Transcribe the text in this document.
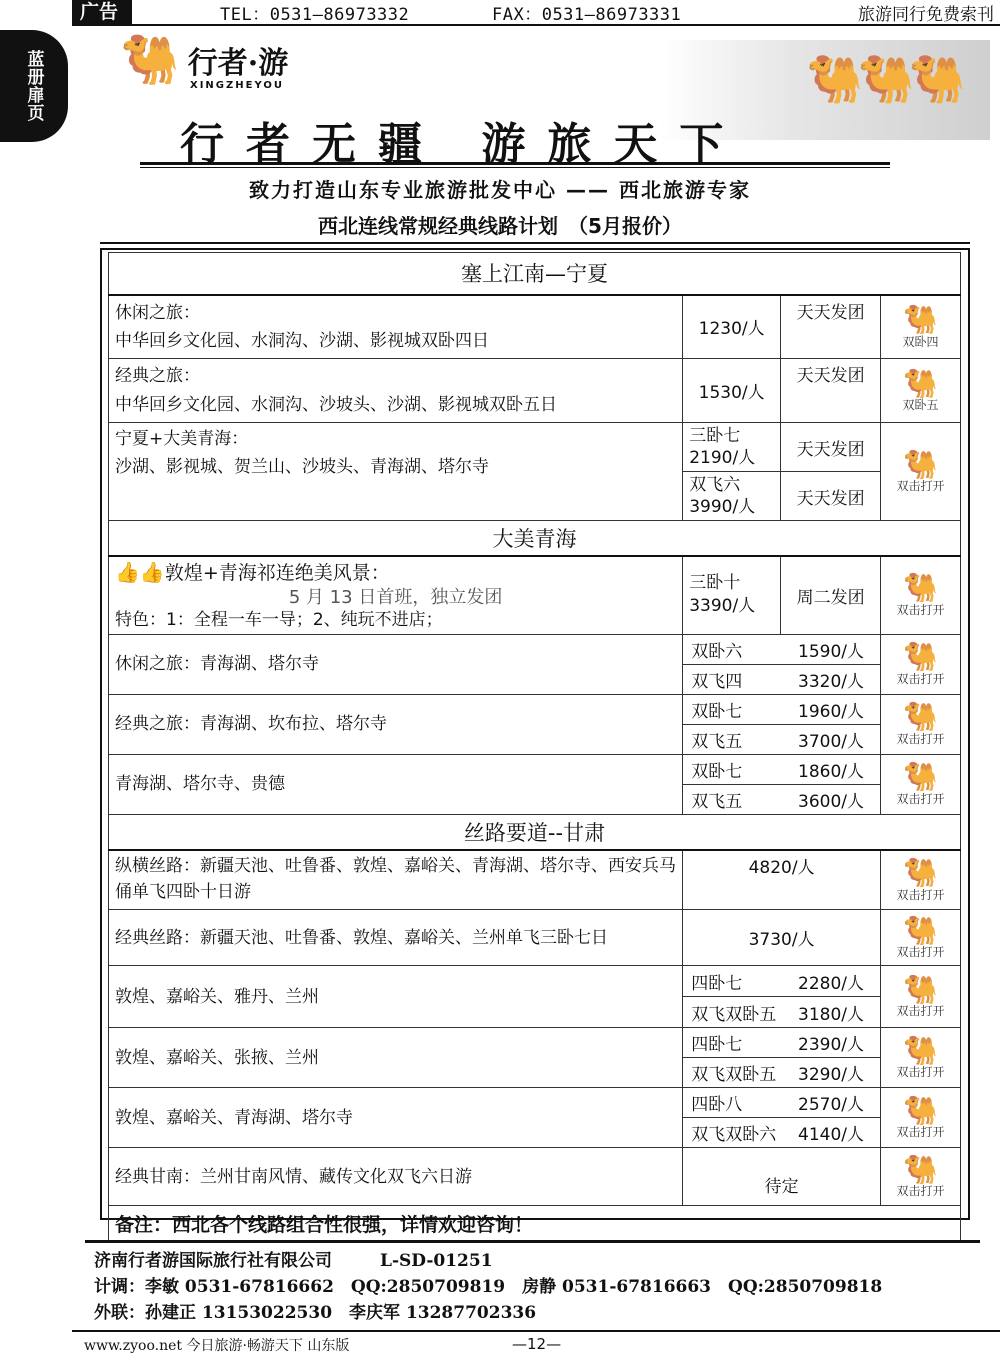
广告	TEL：0531—86973332	FAX：0531—86973331	旅游同行免费索刊
蓝册扉页	🐫 行者·游
XINGZHEYOU	🐫🐫🐫
行者无疆 游旅天下
致力打造山东专业旅游批发中心 —— 西北旅游专家
西北连线常规经典线路计划　（5月报价）
塞上江南—宁夏			
休闲之旅：
中华回乡文化园、水洞沟、沙湖、影视城双卧四日	1230/人	天天发团	🐫
双卧四
经典之旅：
中华回乡文化园、水洞沟、沙坡头、沙湖、影视城双卧五日	1530/人	天天发团	🐫
双卧五
宁夏+大美青海：
沙湖、影视城、贺兰山、沙坡头、青海湖、塔尔寺	三卧七
2190/人	天天发团	🐫
双击打开
	双飞六
3990/人	天天发团	
大美青海			
👍👍敦煌+青海祁连绝美风景：
5 月 13 日首班，独立发团
特色：1：全程一车一导；2、纯玩不进店；	三卧十
3390/人	周二发团	🐫
双击打开
休闲之旅：青海湖、塔尔寺	双卧六 1590/人		🐫
双击打开

	双飞四 3320/人		

经典之旅：青海湖、坎布拉、塔尔寺	双卧七 1960/人		🐫
双击打开

	双飞五 3700/人		

青海湖、塔尔寺、贵德	双卧七 1860/人		🐫
双击打开

	双飞五 3600/人		

丝路要道--甘肃			
纵横丝路：新疆天池、吐鲁番、敦煌、嘉峪关、青海湖、塔尔寺、西安兵马俑单飞四卧十日游	4820/人		🐫
双击打开
经典丝路：新疆天池、吐鲁番、敦煌、嘉峪关、兰州单飞三卧七日	3730/人		🐫
双击打开
敦煌、嘉峪关、雅丹、兰州	四卧七 2280/人		🐫
双击打开

	双飞双卧五 3180/人		

敦煌、嘉峪关、张掖、兰州	四卧七 2390/人		🐫
双击打开

	双飞双卧五 3290/人		

敦煌、嘉峪关、青海湖、塔尔寺	四卧八 2570/人		🐫
双击打开

	双飞双卧六 4140/人		

经典甘南：兰州甘南风情、藏传文化双飞六日游	待定		🐫
双击打开
备注：西北各个线路组合性很强，详情欢迎咨询！			
济南行者游国际旅行社有限公司	L-SD-01251
计调：李敏 0531-67816662　QQ:2850709819　房静 0531-67816663　QQ:2850709818
外联：孙建正 13153022530　李庆军 13287702336
www.zyoo.net 今日旅游·畅游天下 山东版	—12—
